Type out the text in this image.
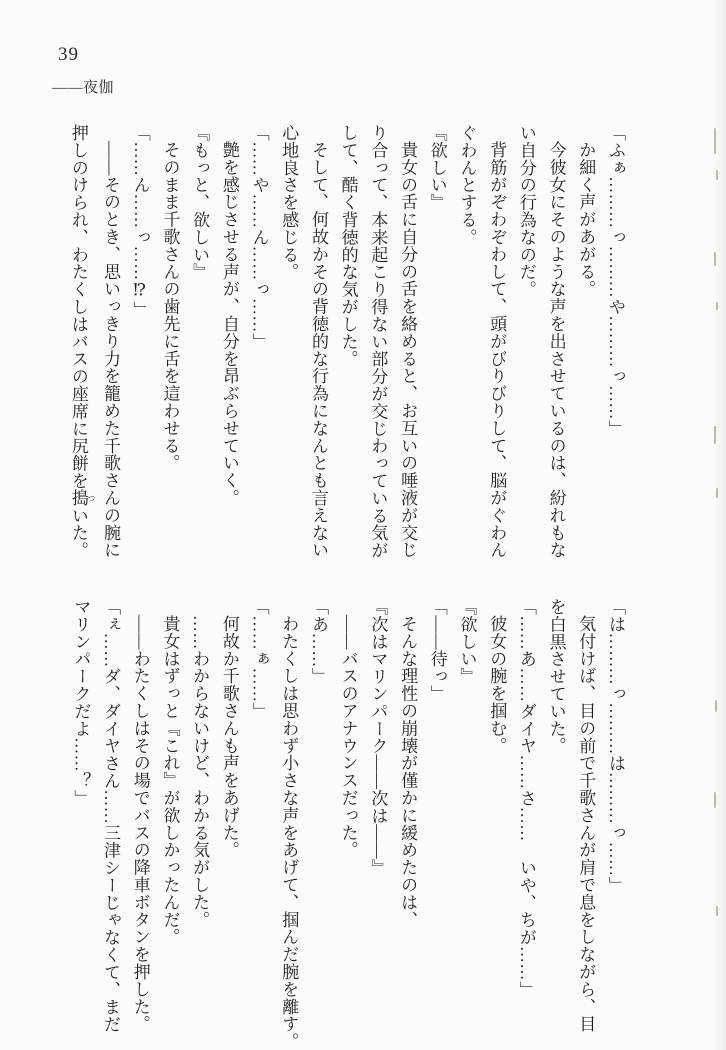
39
――夜伽
「ふぁ………っ………や………っ……」
か細く声があがる。
今彼女にそのような声を出させているのは、紛れもな
い自分の行為なのだ。
背筋がぞわぞわして、頭がびりびりして、脳がぐわん
ぐわんとする。
『欲しい』
貴女の舌に自分の舌を絡めると、お互いの唾液が交じ
り合って、本来起こり得ない部分が交じわっている気が
して、酷く背徳的な気がした。
そして、何故かその背徳的な行為になんとも言えない
心地良さを感じる。
「……や……ん……っ……」
艶を感じさせる声が、自分を昂ぶらせていく。
『もっと、欲しい』
そのまま千歌さんの歯先に舌を這わせる。
「……ん……っ……⁉」
――そのとき、思いっきり力を籠めた千歌さんの腕に
押しのけられ、わたくしはバスの座席に尻餅を搗 ついた。
「は………っ………は………っ……」
気付けば、目の前で千歌さんが肩で息をしながら、目
を白黒させていた。
「……あ……ダイヤ……さ……　いや、ちが……」
彼女の腕を掴む。
『欲しい』
「――待っ」
そんな理性の崩壊が僅かに緩めたのは、
『次はマリンパーク――次は――』
――バスのアナウンスだった。
「あ……」
わたくしは思わず小さな声をあげて、掴んだ腕を離す。
「……ぁ……」
何故か千歌さんも声をあげた。
……わからないけど、わかる気がした。
貴女はずっと『これ』が欲しかったんだ。
――わたくしはその場でバスの降車ボタンを押した。
「ぇ……ダ、ダイヤさん……三津シーじゃなくて、まだ
マリンパークだよ……？」
